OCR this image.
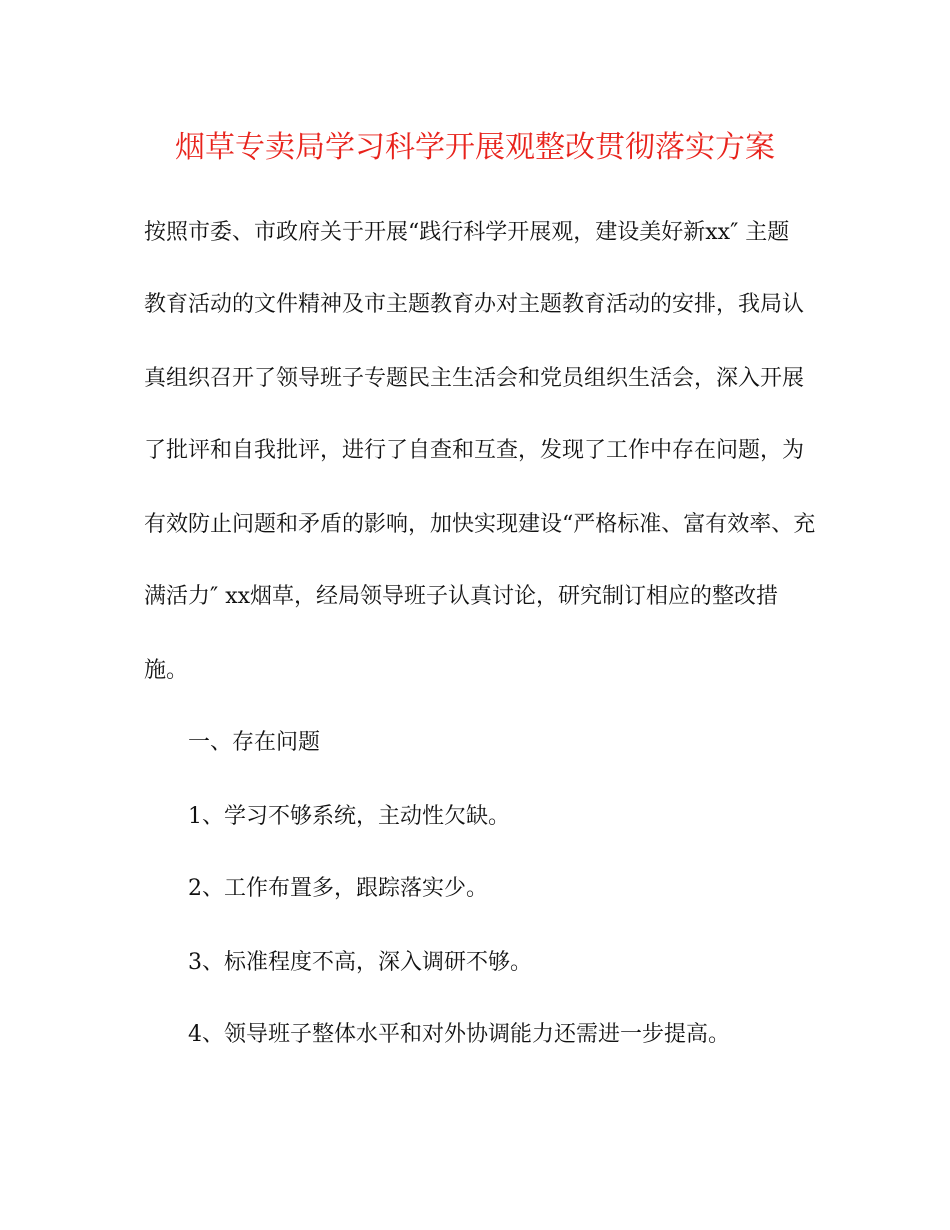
烟草专卖局学习科学开展观整改贯彻落实方案
按照市委、市政府关于开展“践行科学开展观，建设美好新xx″ 主题
教育活动的文件精神及市主题教育办对主题教育活动的安排，我局认
真组织召开了领导班子专题民主生活会和党员组织生活会，深入开展
了批评和自我批评，进行了自查和互查，发现了工作中存在问题，为
有效防止问题和矛盾的影响，加快实现建设“严格标准、富有效率、充
满活力″ xx烟草，经局领导班子认真讨论，研究制订相应的整改措
施。
一、存在问题
1、学习不够系统，主动性欠缺。
2、工作布置多，跟踪落实少。
3、标准程度不高，深入调研不够。
4、领导班子整体水平和对外协调能力还需进一步提高。
